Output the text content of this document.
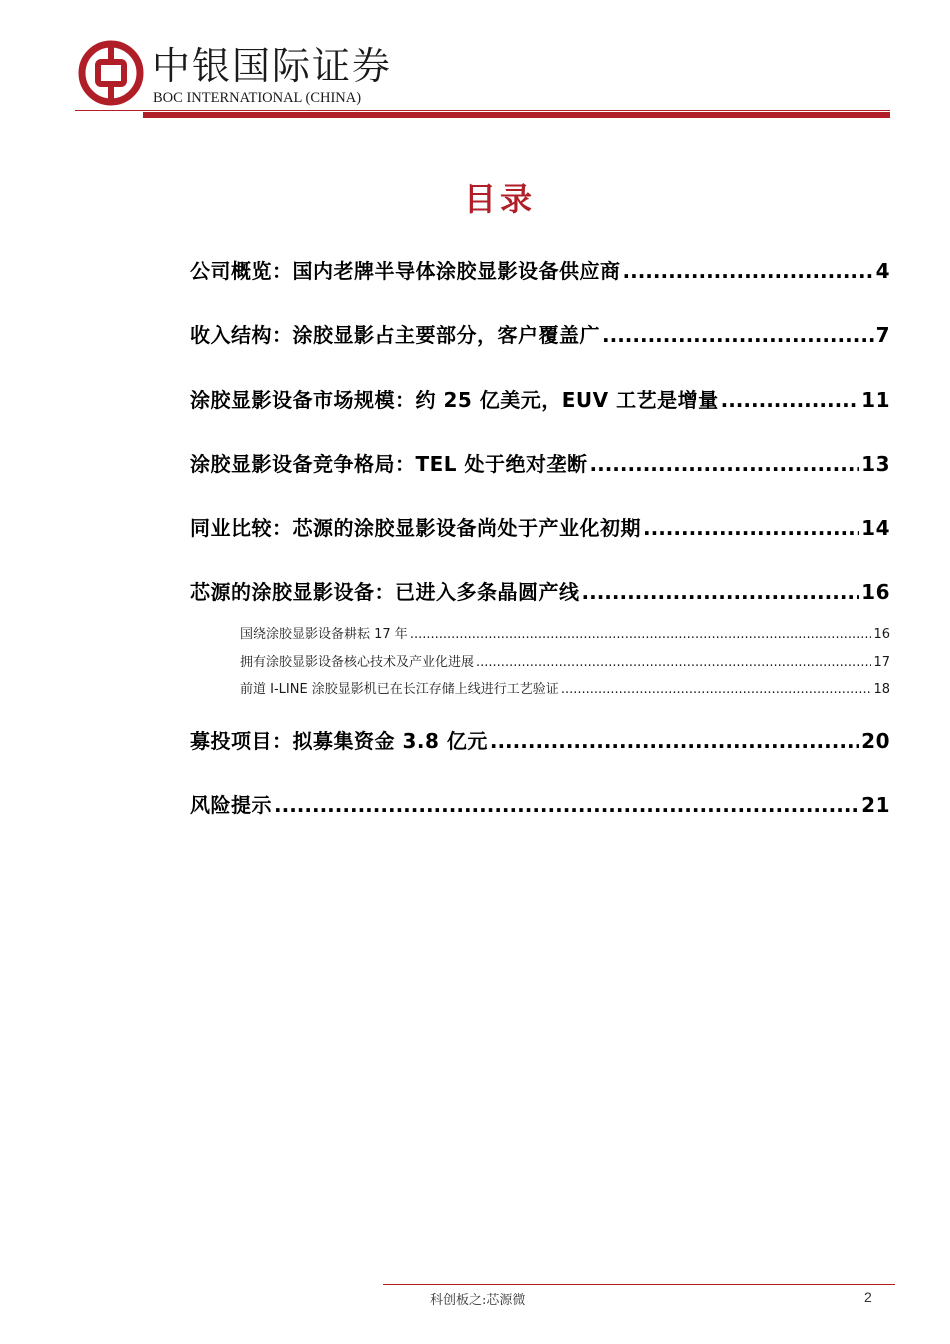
中银国际证券
BOC INTERNATIONAL (CHINA)
目录
公司概览：国内老牌半导体涂胶显影设备供应商 .....	4
收入结构：涂胶显影占主要部分，客户覆盖广 .....	7
涂胶显影设备市场规模：约 25 亿美元，EUV 工艺是增量 .....	11
涂胶显影设备竞争格局：TEL 处于绝对垄断 .....	13
同业比较：芯源的涂胶显影设备尚处于产业化初期 .....	14
芯源的涂胶显影设备：已进入多条晶圆产线 .....	16
国绕涂胶显影设备耕耘 17 年 .....	16
拥有涂胶显影设备核心技术及产业化进展 .....	17
前道 I-LINE 涂胶显影机已在长江存储上线进行工艺验证 .....	18
募投项目：拟募集资金 3.8 亿元 .....	20
风险提示 .....	21
科创板之:芯源微	2
